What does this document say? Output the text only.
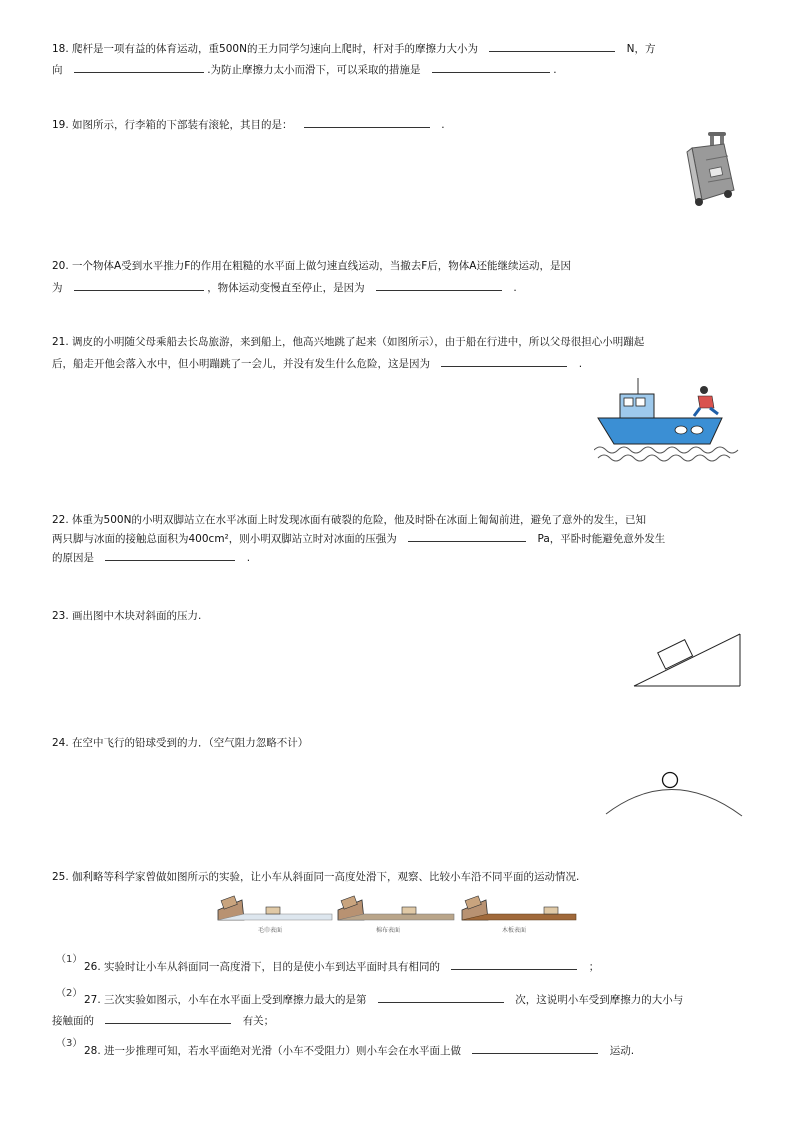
18. 爬杆是一项有益的体育运动，重500N的王力同学匀速向上爬时，杆对手的摩擦力大小为	N，方
向	.为防止摩擦力太小而滑下，可以采取的措施是	.
19. 如图所示，行李箱的下部装有滚轮，其目的是：	.
20. 一个物体A受到水平推力F的作用在粗糙的水平面上做匀速直线运动，当撤去F后，物体A还能继续运动，是因
为	，物体运动变慢直至停止，是因为	.
21. 调皮的小明随父母乘船去长岛旅游，来到船上，他高兴地跳了起来（如图所示），由于船在行进中，所以父母很担心小明蹦起
后，船走开他会落入水中，但小明蹦跳了一会儿，并没有发生什么危险，这是因为	.
22. 体重为500N的小明双脚站立在水平冰面上时发现冰面有破裂的危险，他及时卧在冰面上匍匐前进，避免了意外的发生，已知
两只脚与冰面的接触总面积为400cm²，则小明双脚站立时对冰面的压强为	Pa，平卧时能避免意外发生
的原因是	.
23. 画出图中木块对斜面的压力.
24. 在空中飞行的铅球受到的力．（空气阻力忽略不计）
25. 伽利略等科学家曾做如图所示的实验，让小车从斜面同一高度处滑下，观察、比较小车沿不同平面的运动情况.
毛巾表面	棉布表面	木板表面
（1）
26. 实验时让小车从斜面同一高度滑下，目的是使小车到达平面时具有相同的	；
（2）
27. 三次实验如图示，小车在水平面上受到摩擦力最大的是第	次，这说明小车受到摩擦力的大小与
接触面的	有关；
（3）
28. 进一步推理可知，若水平面绝对光滑（小车不受阻力）则小车会在水平面上做	运动.
